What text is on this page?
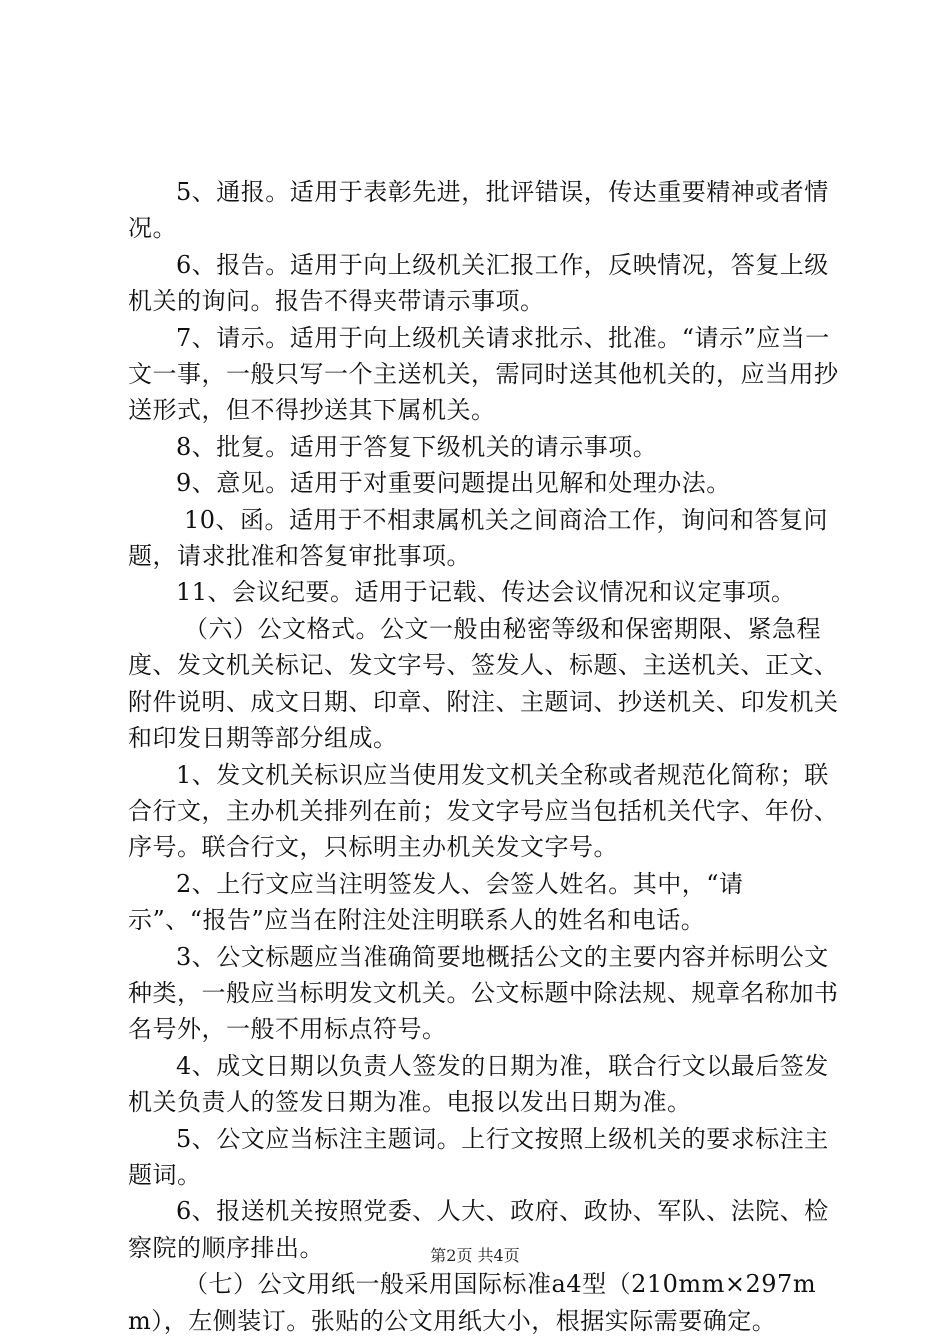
5、通报。适用于表彰先进，批评错误，传达重要精神或者情况。

6、报告。适用于向上级机关汇报工作，反映情况，答复上级机关的询问。报告不得夹带请示事项。

7、请示。适用于向上级机关请求批示、批准。“请示”应当一文一事，一般只写一个主送机关，需同时送其他机关的，应当用抄送形式，但不得抄送其下属机关。

8、批复。适用于答复下级机关的请示事项。

9、意见。适用于对重要问题提出见解和处理办法。

10、函。适用于不相隶属机关之间商洽工作，询问和答复问题，请求批准和答复审批事项。

11、会议纪要。适用于记载、传达会议情况和议定事项。

（六）公文格式。公文一般由秘密等级和保密期限、紧急程度、发文机关标记、发文字号、签发人、标题、主送机关、正文、附件说明、成文日期、印章、附注、主题词、抄送机关、印发机关和印发日期等部分组成。

1、发文机关标识应当使用发文机关全称或者规范化简称；联合行文，主办机关排列在前；发文字号应当包括机关代字、年份、序号。联合行文，只标明主办机关发文字号。

2、上行文应当注明签发人、会签人姓名。其中，“请示”、“报告”应当在附注处注明联系人的姓名和电话。

3、公文标题应当准确简要地概括公文的主要内容并标明公文种类，一般应当标明发文机关。公文标题中除法规、规章名称加书名号外，一般不用标点符号。

4、成文日期以负责人签发的日期为准，联合行文以最后签发机关负责人的签发日期为准。电报以发出日期为准。

5、公文应当标注主题词。上行文按照上级机关的要求标注主题词。

6、报送机关按照党委、人大、政府、政协、军队、法院、检察院的顺序排出。

（七）公文用纸一般采用国际标准a4型（210mm×297mm），左侧装订。张贴的公文用纸大小，根据实际需要确定。

第2页 共4页
